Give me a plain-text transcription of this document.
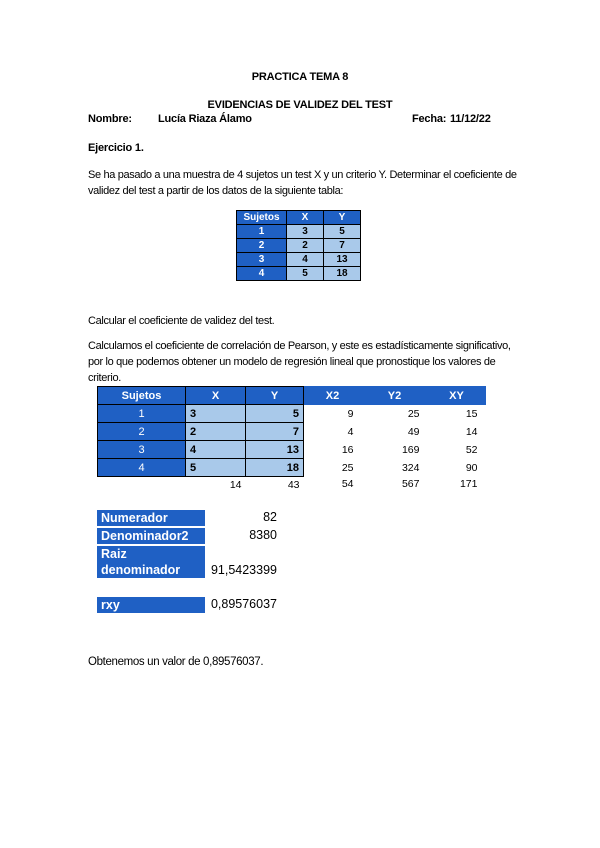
PRACTICA TEMA 8
EVIDENCIAS DE VALIDEZ DEL TEST
Nombre: Lucía Riaza Álamo	Fecha: 11/12/22
Ejercicio 1.

Se ha pasado a una muestra de 4 sujetos un test X y un criterio Y. Determinar el coeficiente de validez del test a partir de los datos de la siguiente tabla:

Sujetos	X	Y
1	3	5
2	2	7
3	4	13
4	5	18

Calcular el coeficiente de validez del test.

Calculamos el coeficiente de correlación de Pearson, y este es estadísticamente significativo, por lo que podemos obtener un modelo de regresión lineal que pronostique los valores de criterio.

Sujetos	X	Y	X2	Y2	XY
1	3	5	9	25	15
2	2	7	4	49	14
3	4	13	16	169	52
4	5	18	25	324	90
	14	43	54	567	171
Numerador	82
Denominador2	8380
Raiz
denominador	91,5423399
rxy	0,89576037

Obtenemos un valor de 0,89576037.
